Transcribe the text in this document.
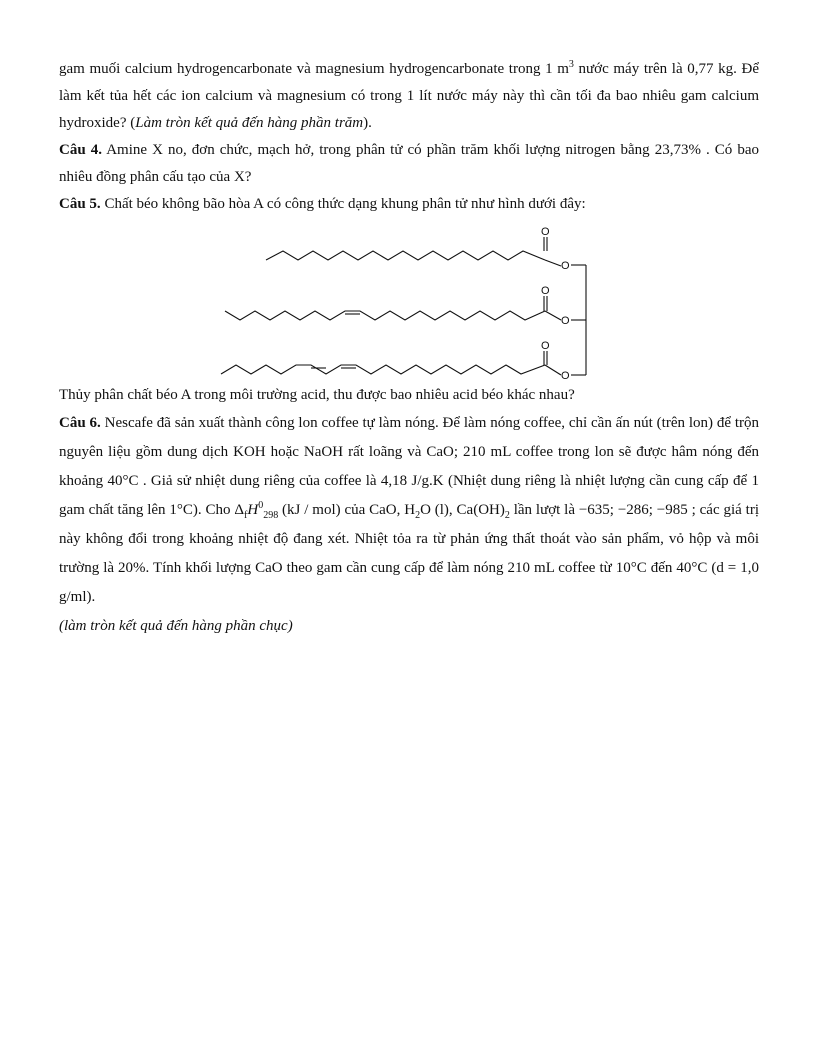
gam muối calcium hydrogencarbonate và magnesium hydrogencarbonate trong 1 $m^3$ nước máy trên là 0,77 kg. Để làm kết tủa hết các ion calcium và magnesium có trong 1 lít nước máy này thì cần tối đa bao nhiêu gam calcium hydroxide? (Làm tròn kết quả đến hàng phần trăm).

Câu 4. Amine X no, đơn chức, mạch hở, trong phân tử có phần trăm khối lượng nitrogen bằng 23,73% . Có bao nhiêu đồng phân cấu tạo của X?

Câu 5. Chất béo không bão hòa A có công thức dạng khung phân tử như hình dưới đây:

O
O
O
O
O
O

Thủy phân chất béo A trong môi trường acid, thu được bao nhiêu acid béo khác nhau?

Câu 6. Nescafe đã sản xuất thành công lon coffee tự làm nóng. Để làm nóng coffee, chỉ cần ấn nút (trên lon) để trộn nguyên liệu gồm dung dịch KOH hoặc NaOH rất loãng và CaO; 210 mL coffee trong lon sẽ được hâm nóng đến khoảng 40°C . Giả sử nhiệt dung riêng của coffee là 4,18 J/g.K (Nhiệt dung riêng là nhiệt lượng cần cung cấp để 1 gam chất tăng lên 1°C). Cho $\Delta_fH^0_{298}$ (kJ / mol) của CaO, $H_2O$ (l), $Ca(OH)_2$ lần lượt là −635; −286; −985 ; các giá trị này không đổi trong khoảng nhiệt độ đang xét. Nhiệt tỏa ra từ phản ứng thất thoát vào sản phẩm, vỏ hộp và môi trường là 20%. Tính khối lượng CaO theo gam cần cung cấp để làm nóng 210 mL coffee từ 10°C đến 40°C (d = 1,0 g/ml).
(làm tròn kết quả đến hàng phần chục)
